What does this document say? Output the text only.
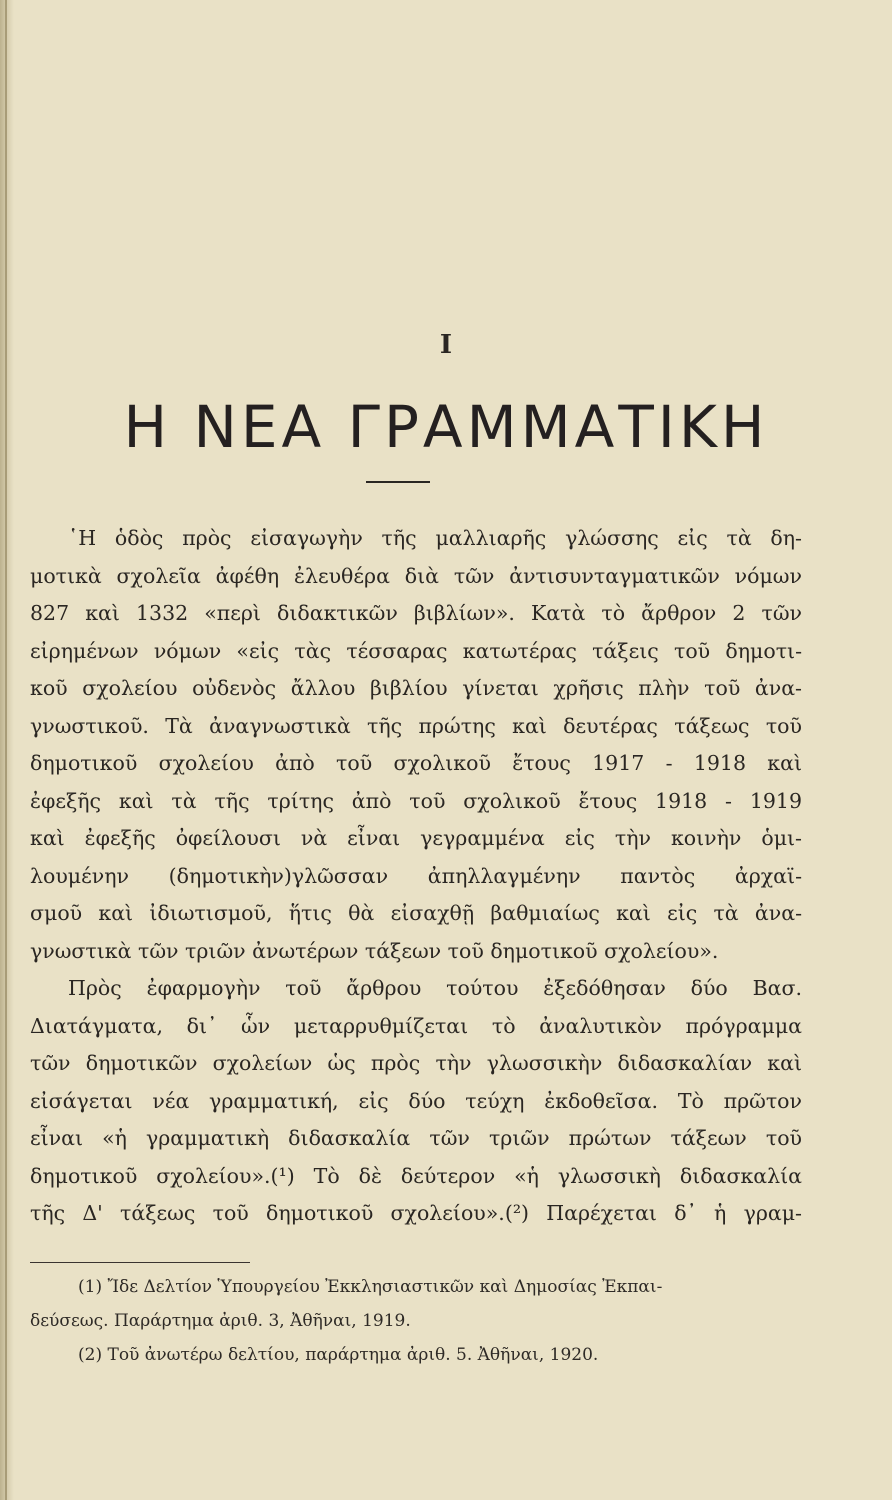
Ι
Η ΝΕΑ ΓΡΑΜΜΑΤΙΚΗ
῾Η ὁδὸς πρὸς εἰσαγωγὴν τῆς μαλλιαρῆς γλώσσης εἰς τὰ δη-
μοτικὰ σχολεῖα ἀφέθη ἐλευθέρα διὰ τῶν ἀντισυνταγματικῶν νόμων
827 καὶ 1332 «περὶ διδακτικῶν βιβλίων». Κατὰ τὸ ἄρθρον 2 τῶν
εἰρημένων νόμων «εἰς τὰς τέσσαρας κατωτέρας τάξεις τοῦ δημοτι-
κοῦ σχολείου οὐδενὸς ἄλλου βιβλίου γίνεται χρῆσις πλὴν τοῦ ἀνα-
γνωστικοῦ. Τὰ ἀναγνωστικὰ τῆς πρώτης καὶ δευτέρας τάξεως τοῦ
δημοτικοῦ σχολείου ἀπὸ τοῦ σχολικοῦ ἔτους 1917 - 1918 καὶ
ἐφεξῆς καὶ τὰ τῆς τρίτης ἀπὸ τοῦ σχολικοῦ ἔτους 1918 - 1919
καὶ ἐφεξῆς ὀφείλουσι νὰ εἶναι γεγραμμένα εἰς τὴν κοινὴν ὁμι-
λουμένην (δημοτικὴν)γλῶσσαν ἀπηλλαγμένην παντὸς ἀρχαϊ-
σμοῦ καὶ ἰδιωτισμοῦ, ἥτις θὰ εἰσαχθῇ βαθμιαίως καὶ εἰς τὰ ἀνα-
γνωστικὰ τῶν τριῶν ἀνωτέρων τάξεων τοῦ δημοτικοῦ σχολείου».
Πρὸς ἐφαρμογὴν τοῦ ἄρθρου τούτου ἐξεδόθησαν δύο Βασ.
Διατάγματα, δι᾽ ὧν μεταρρυθμίζεται τὸ ἀναλυτικὸν πρόγραμμα
τῶν δημοτικῶν σχολείων ὡς πρὸς τὴν γλωσσικὴν διδασκαλίαν καὶ
εἰσάγεται νέα γραμματική, εἰς δύο τεύχη ἐκδοθεῖσα. Τὸ πρῶτον
εἶναι «ἡ γραμματικὴ διδασκαλία τῶν τριῶν πρώτων τάξεων τοῦ
δημοτικοῦ σχολείου».(¹) Τὸ δὲ δεύτερον «ἡ γλωσσικὴ διδασκαλία
τῆς Δ' τάξεως τοῦ δημοτικοῦ σχολείου».(²) Παρέχεται δ᾽ ἡ γραμ-
(1) Ἴδε Δελτίον Ὑπουργείου Ἐκκλησιαστικῶν καὶ Δημοσίας Ἐκπαι-
δεύσεως. Παράρτημα ἀριθ. 3, Ἀθῆναι, 1919.
(2) Τοῦ ἀνωτέρω δελτίου, παράρτημα ἀριθ. 5. Ἀθῆναι, 1920.
